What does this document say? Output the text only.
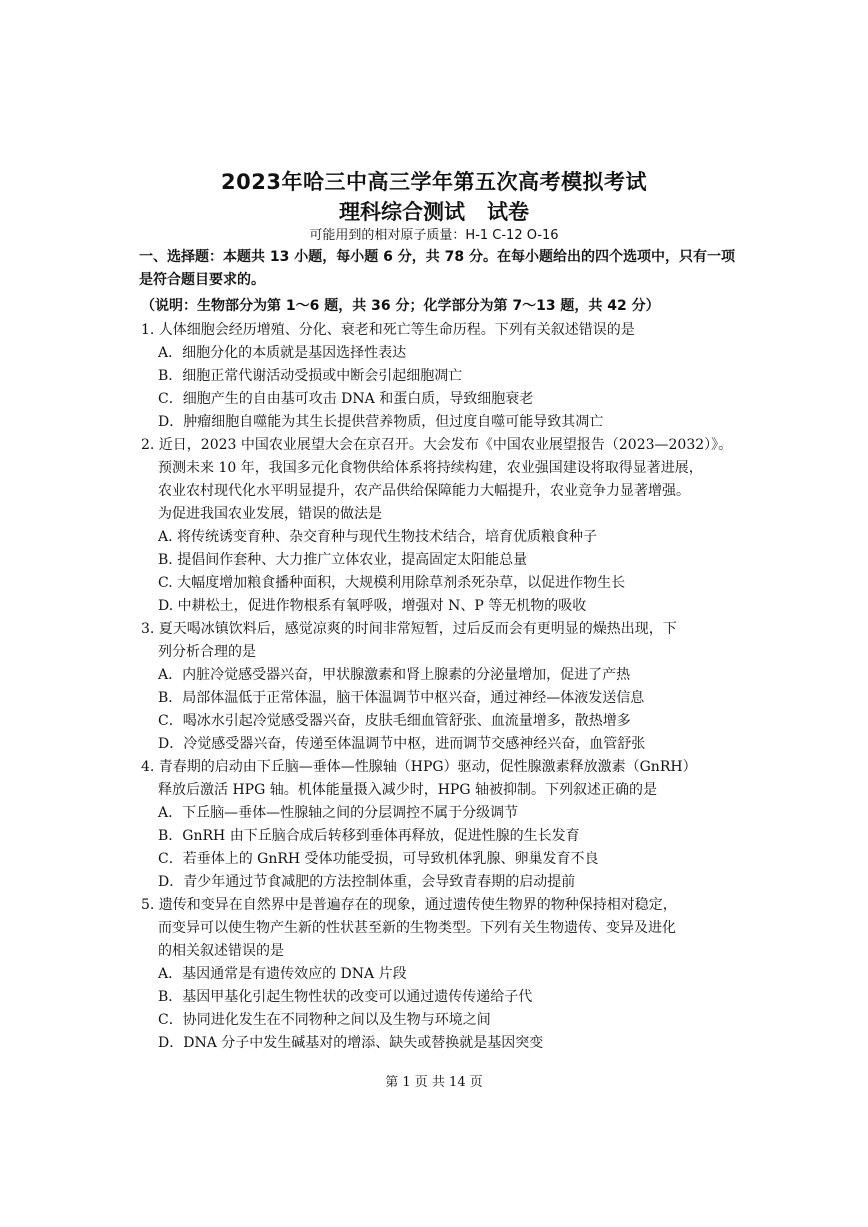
2023年哈三中高三学年第五次高考模拟考试
理科综合测试 试卷
可能用到的相对原子质量：H-1 C-12 O-16
一、选择题：本题共 13 小题，每小题 6 分，共 78 分。在每小题给出的四个选项中，只有一项是符合题目要求的。
（说明：生物部分为第 1～6 题，共 36 分；化学部分为第 7～13 题，共 42 分）
1. 人体细胞会经历增殖、分化、衰老和死亡等生命历程。下列有关叙述错误的是
A．细胞分化的本质就是基因选择性表达
B．细胞正常代谢活动受损或中断会引起细胞凋亡
C．细胞产生的自由基可攻击 DNA 和蛋白质，导致细胞衰老
D．肿瘤细胞自噬能为其生长提供营养物质，但过度自噬可能导致其凋亡
2. 近日，2023 中国农业展望大会在京召开。大会发布《中国农业展望报告（2023—2032）》。
预测未来 10 年，我国多元化食物供给体系将持续构建，农业强国建设将取得显著进展，
农业农村现代化水平明显提升，农产品供给保障能力大幅提升，农业竞争力显著增强。
为促进我国农业发展，错误的做法是
A. 将传统诱变育种、杂交育种与现代生物技术结合，培育优质粮食种子
B. 提倡间作套种、大力推广立体农业，提高固定太阳能总量
C. 大幅度增加粮食播种面积，大规模利用除草剂杀死杂草，以促进作物生长
D. 中耕松土，促进作物根系有氧呼吸，增强对 N、P 等无机物的吸收
3. 夏天喝冰镇饮料后，感觉凉爽的时间非常短暂，过后反而会有更明显的燥热出现，下
列分析合理的是
A．内脏冷觉感受器兴奋，甲状腺激素和肾上腺素的分泌量增加，促进了产热
B．局部体温低于正常体温，脑干体温调节中枢兴奋，通过神经—体液发送信息
C．喝冰水引起冷觉感受器兴奋，皮肤毛细血管舒张、血流量增多，散热增多
D．冷觉感受器兴奋，传递至体温调节中枢，进而调节交感神经兴奋，血管舒张
4. 青春期的启动由下丘脑—垂体—性腺轴（HPG）驱动，促性腺激素释放激素（GnRH）
释放后激活 HPG 轴。机体能量摄入减少时，HPG 轴被抑制。下列叙述正确的是
A．下丘脑—垂体—性腺轴之间的分层调控不属于分级调节
B．GnRH 由下丘脑合成后转移到垂体再释放，促进性腺的生长发育
C．若垂体上的 GnRH 受体功能受损，可导致机体乳腺、卵巢发育不良
D．青少年通过节食减肥的方法控制体重，会导致青春期的启动提前
5. 遗传和变异在自然界中是普遍存在的现象，通过遗传使生物界的物种保持相对稳定，
而变异可以使生物产生新的性状甚至新的生物类型。下列有关生物遗传、变异及进化
的相关叙述错误的是
A．基因通常是有遗传效应的 DNA 片段
B．基因甲基化引起生物性状的改变可以通过遗传传递给子代
C．协同进化发生在不同物种之间以及生物与环境之间
D．DNA 分子中发生碱基对的增添、缺失或替换就是基因突变
第 1 页 共 14 页
